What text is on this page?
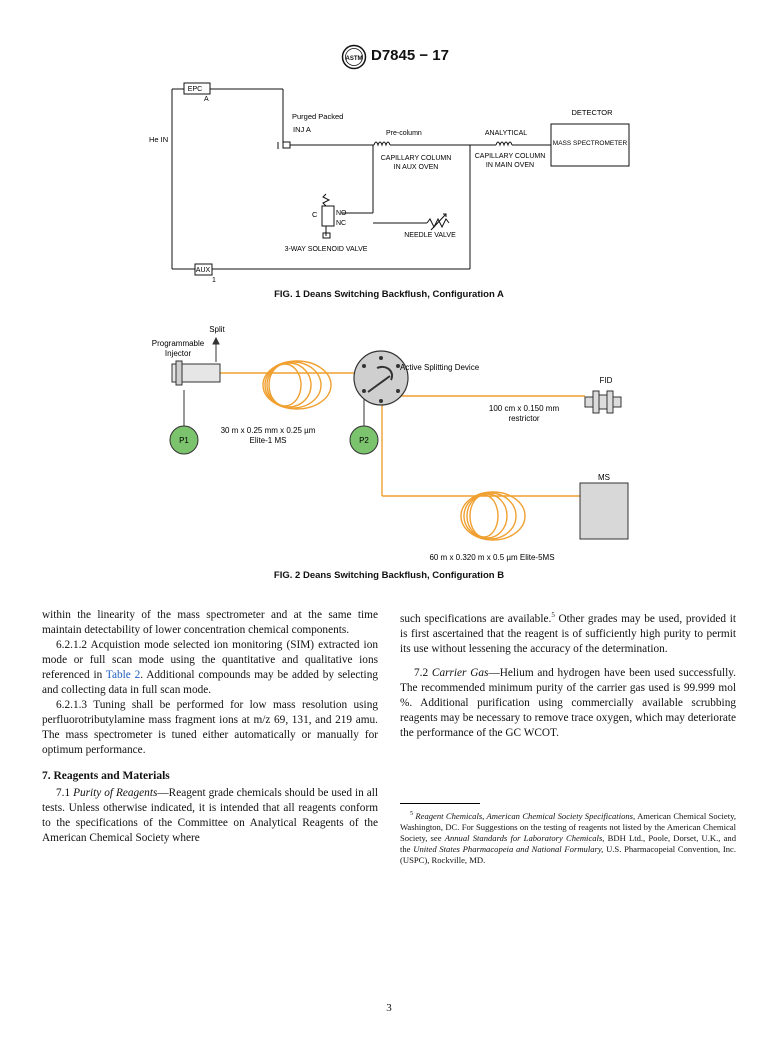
ASTM D7845 − 17
EPC
A
He IN
Purged Packed
INJ A	Pre-column
CAPILLARY COLUMN
IN AUX OVEN
ANALYTICAL
CAPILLARY COLUMN
IN MAIN OVEN
DETECTOR
MASS SPECTROMETER
C	NO
NC
NEEDLE VALVE
3-WAY SOLENOID VALVE
AUX
1
FIG. 1 Deans Switching Backflush, Configuration A
Split
Programmable
Injector
Active Splitting Device
FID
100 cm x 0.150 mm
restrictor
30 m x 0.25 mm x 0.25 µm
Elite-1 MS
P1	P2
MS
60 m x 0.320 m x 0.5 µm Elite-5MS
FIG. 2 Deans Switching Backflush, Configuration B

within the linearity of the mass spectrometer and at the same time maintain detectability of lower concentration chemical components.

6.2.1.2 Acquistion mode selected ion monitoring (SIM) extracted ion mode or full scan mode using the quantitative and qualitative ions referenced in Table 2. Additional compounds may be added by selecting and collecting data in full scan mode.

6.2.1.3 Tuning shall be performed for low mass resolution using perfluorotributylamine mass fragment ions at m/z 69, 131, and 219 amu. The mass spectrometer is tuned either automatically or manually for optimum performance.

7. Reagents and Materials

7.1 Purity of Reagents—Reagent grade chemicals should be used in all tests. Unless otherwise indicated, it is intended that all reagents conform to the specifications of the Committee on Analytical Reagents of the American Chemical Society where

such specifications are available.$^5$ Other grades may be used, provided it is first ascertained that the reagent is of sufficiently high purity to permit its use without lessening the accuracy of the determination.

7.2 Carrier Gas—Helium and hydrogen have been used successfully. The recommended minimum purity of the carrier gas used is 99.999 mol %. Additional purification using commercially available scrubbing reagents may be necessary to remove trace oxygen, which may deteriorate the performance of the GC WCOT.

$^5$ Reagent Chemicals, American Chemical Society Specifications, American Chemical Society, Washington, DC. For Suggestions on the testing of reagents not listed by the American Chemical Society, see Annual Standards for Laboratory Chemicals, BDH Ltd., Poole, Dorset, U.K., and the United States Pharmacopeia and National Formulary, U.S. Pharmacopeial Convention, Inc. (USPC), Rockville, MD.
3
